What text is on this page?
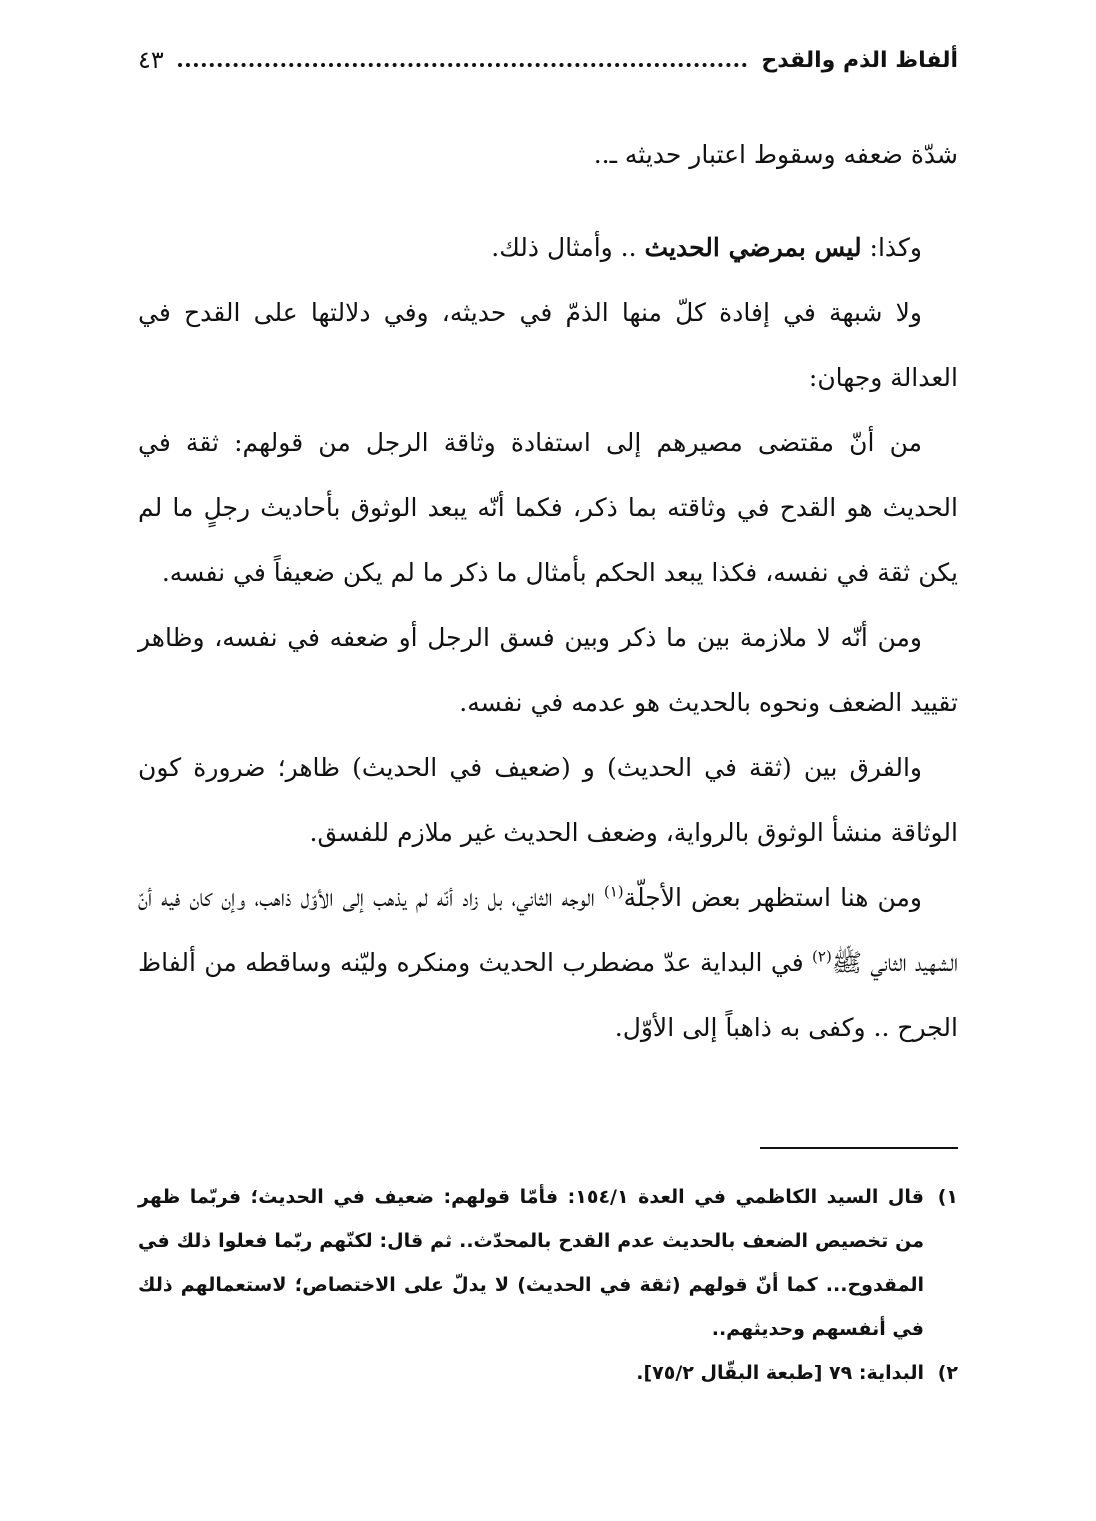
ألفاظ الذم والقدح
٤٣

شدّة ضعفه وسقوط اعتبار حديثه ـ..

وكذا: ليس بمرضي الحديث .. وأمثال ذلك.

ولا شبهة في إفادة كلّ منها الذمّ في حديثه، وفي دلالتها على القدح في العدالة وجهان:

من أنّ مقتضى مصيرهم إلى استفادة وثاقة الرجل من قولهم: ثقة في الحديث هو القدح في وثاقته بما ذكر، فكما أنّه يبعد الوثوق بأحاديث رجلٍ ما لم يكن ثقة في نفسه، فكذا يبعد الحكم بأمثال ما ذكر ما لم يكن ضعيفاً في نفسه.

ومن أنّه لا ملازمة بين ما ذكر وبين فسق الرجل أو ضعفه في نفسه، وظاهر تقييد الضعف ونحوه بالحديث هو عدمه في نفسه.

والفرق بين (ثقة في الحديث) و (ضعيف في الحديث) ظاهر؛ ضرورة كون الوثاقة منشأ الوثوق بالرواية، وضعف الحديث غير ملازم للفسق.

ومن هنا استظهر بعض الأجلّة$^{(١)}$ الوجه الثاني، بل زاد أنّه لم يذهب إلى الأوّل ذاهب، وإن كان فيه أنّ الشهيد الثاني ﷺ$^{(٢)}$ في البداية عدّ مضطرب الحديث ومنكره وليّنه وساقطه من ألفاظ الجرح .. وكفى به ذاهباً إلى الأوّل.

١)
قال السيد الكاظمي في العدة ١٥٤/١: فأمّا قولهم: ضعيف في الحديث؛ فربّما ظهر من تخصيص الضعف بالحديث عدم القدح بالمحدّث.. ثم قال: لكنّهم ربّما فعلوا ذلك في المقدوح... كما أنّ قولهم (ثقة في الحديث) لا يدلّ على الاختصاص؛ لاستعمالهم ذلك في أنفسهم وحديثهم..
٢)
البداية: ٧٩ [طبعة البقّال ٧٥/٢].
